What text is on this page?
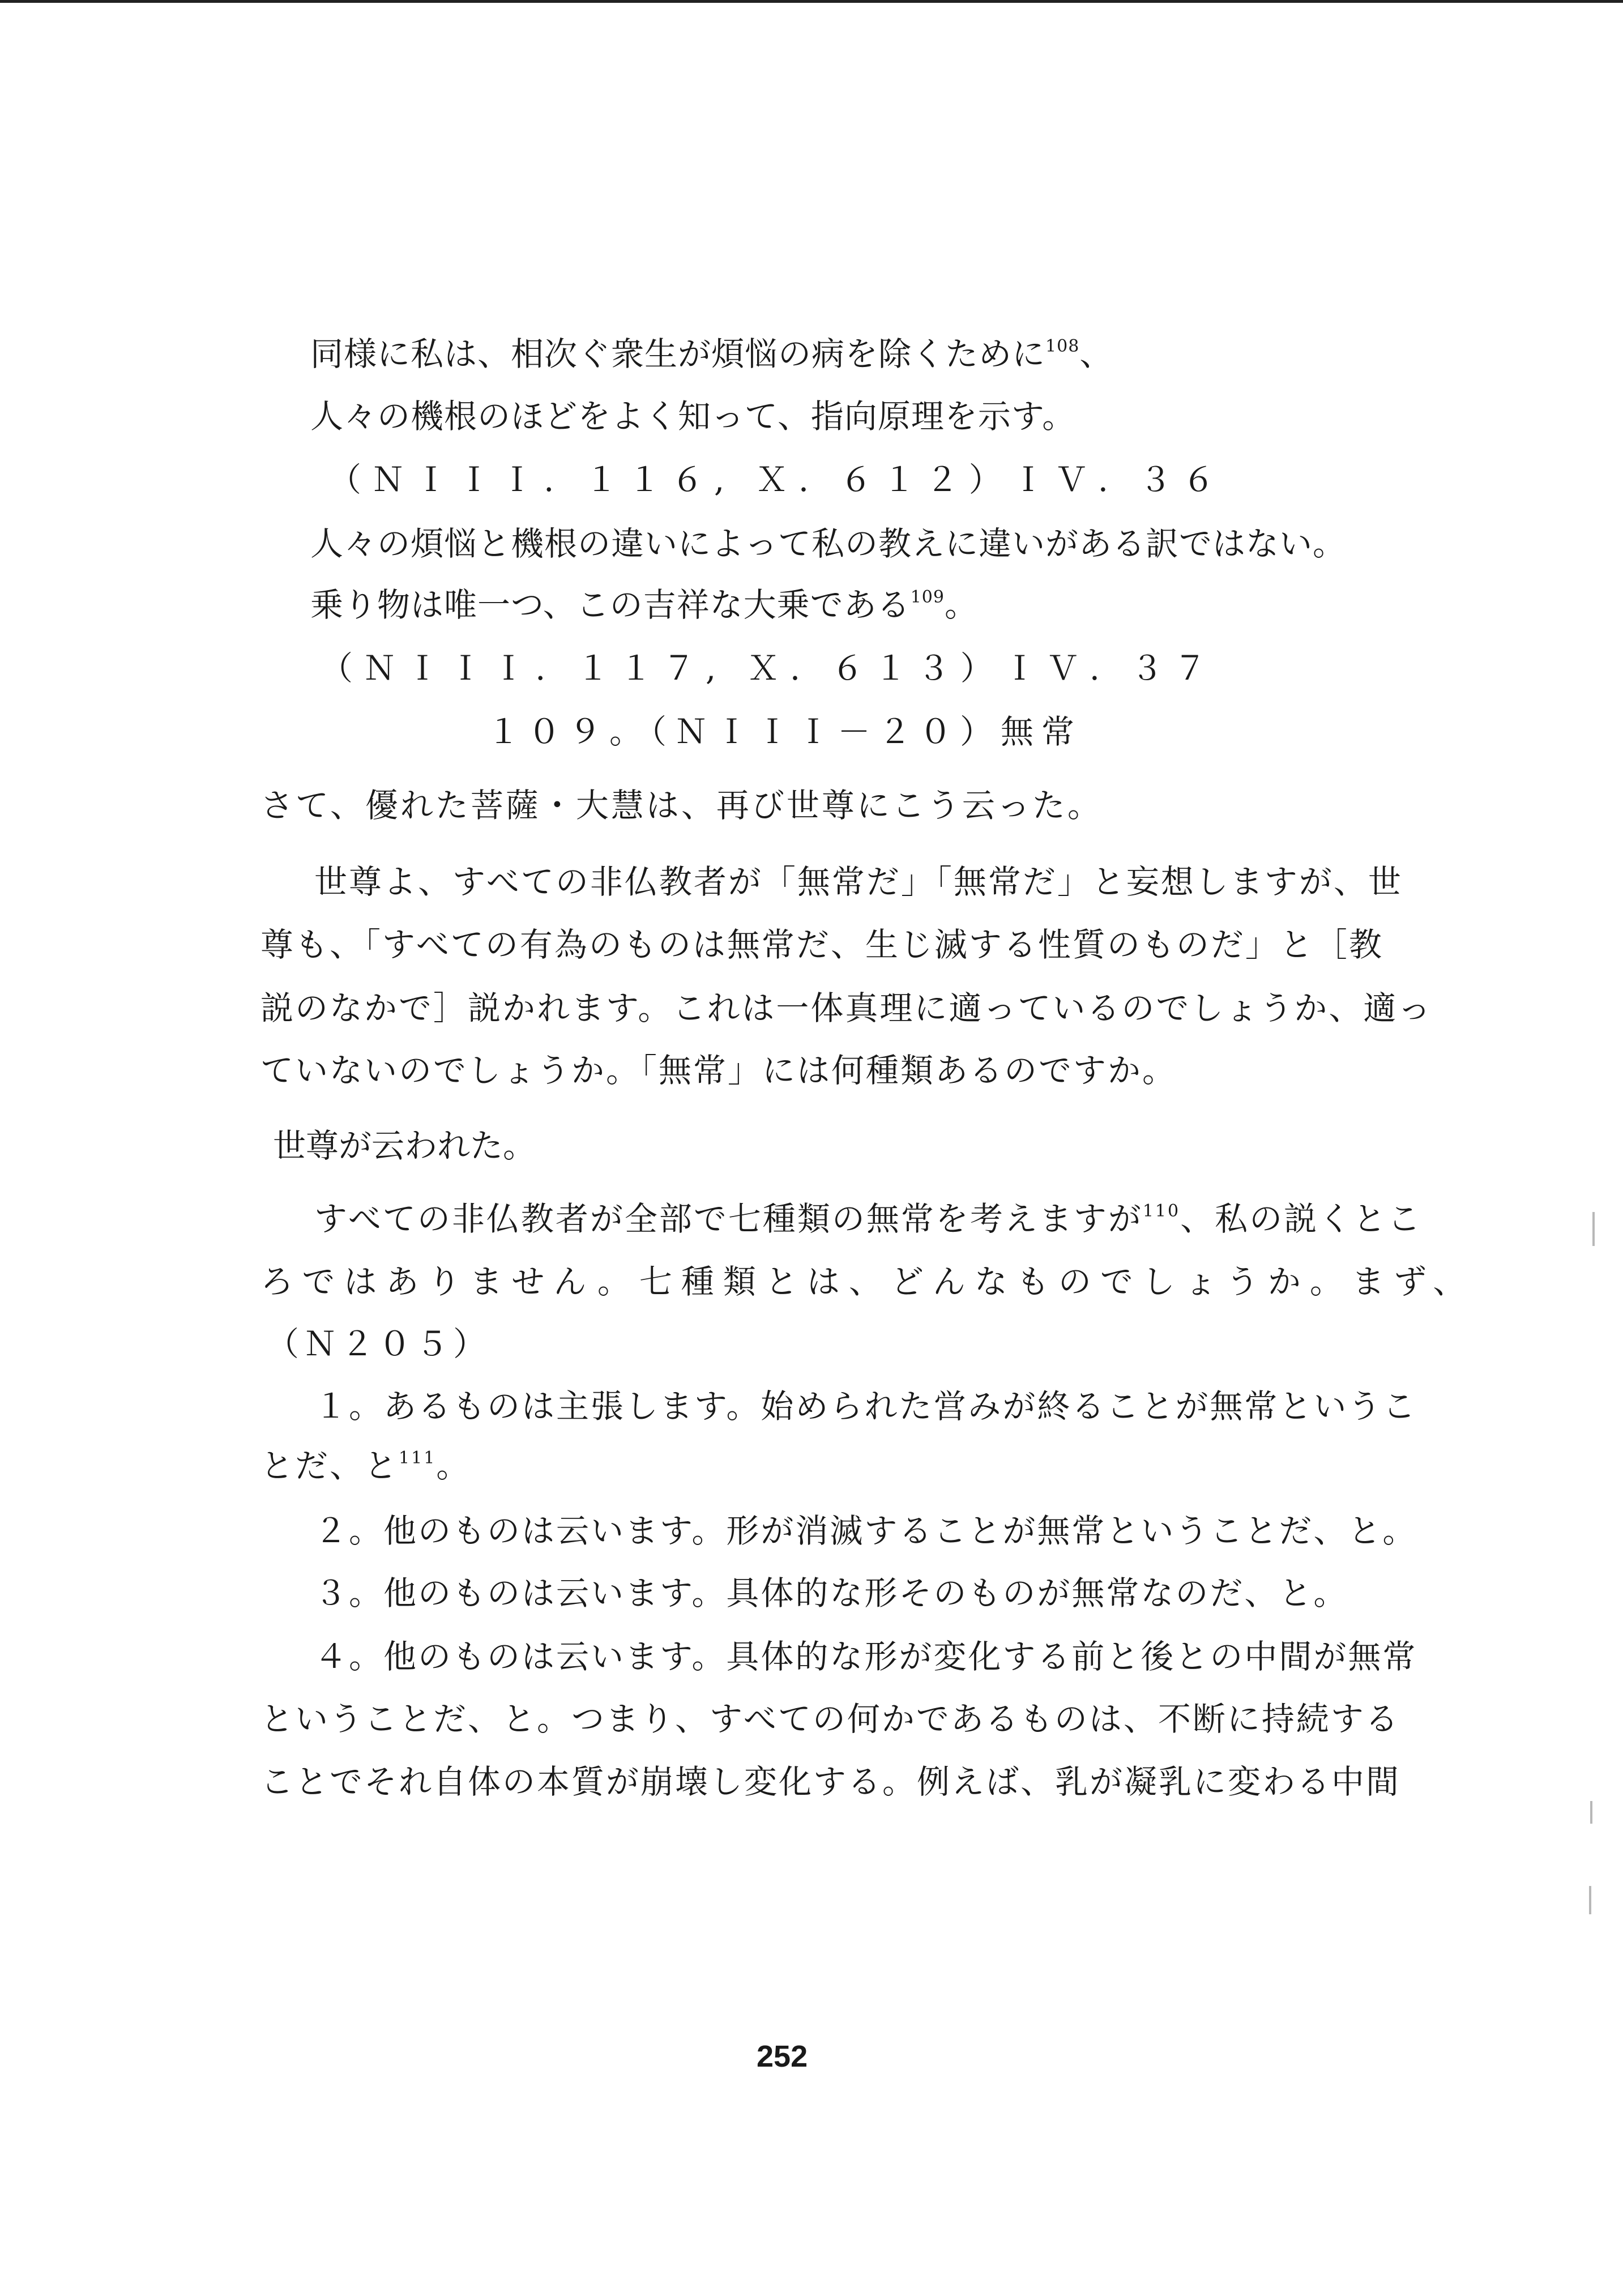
同様に私は、相次ぐ衆生が煩悩の病を除くために$^{108}$、
人々の機根のほどをよく知って、指向原理を示す。
（ＮＩＩＩ. １１６, Ｘ. ６１２）ＩＶ. ３６
人々の煩悩と機根の違いによって私の教えに違いがある訳ではない。
乗り物は唯一つ、この吉祥な大乗である$^{109}$。
（ＮＩＩＩ. １１７, Ｘ. ６１３）ＩＶ. ３７
１０９。（ＮＩＩＩ－２０）無常
さて、優れた菩薩・大慧は、再び世尊にこう云った。
世尊よ、すべての非仏教者が「無常だ」「無常だ」と妄想しますが、世
尊も、「すべての有為のものは無常だ、生じ滅する性質のものだ」と［教
説のなかで］説かれます。これは一体真理に適っているのでしょうか、適っ
ていないのでしょうか。「無常」には何種類あるのですか。
世尊が云われた。
すべての非仏教者が全部で七種類の無常を考えますが$^{110}$、私の説くとこ
ろではありません。七種類とは、どんなものでしょうか。まず、
（Ｎ２０５）
１。あるものは主張します。始められた営みが終ることが無常というこ
とだ、と$^{111}$。
２。他のものは云います。形が消滅することが無常ということだ、と。
３。他のものは云います。具体的な形そのものが無常なのだ、と。
４。他のものは云います。具体的な形が変化する前と後との中間が無常
ということだ、と。つまり、すべての何かであるものは、不断に持続する
ことでそれ自体の本質が崩壊し変化する。例えば、乳が凝乳に変わる中間
252
